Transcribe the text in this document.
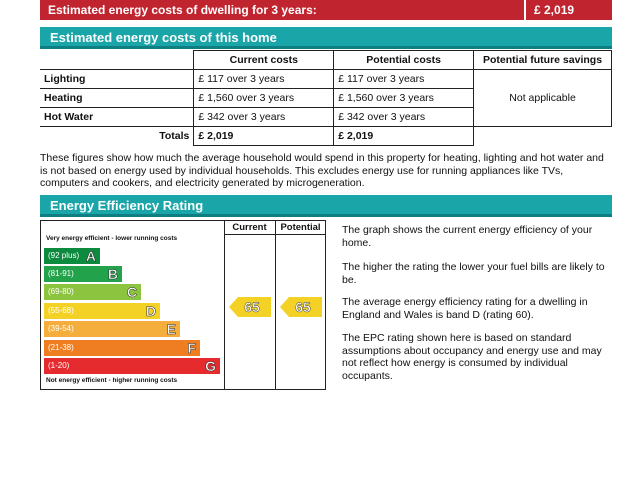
Estimated energy costs of dwelling for 3 years:	£ 2,019
Estimated energy costs of this home
	Current costs	Potential costs	Potential future savings
Lighting	£ 117 over 3 years	£ 117 over 3 years	Not applicable
Heating	£ 1,560 over 3 years	£ 1,560 over 3 years	
Hot Water	£ 342 over 3 years	£ 342 over 3 years	
Totals	£ 2,019	£ 2,019	

These figures show how much the average household would spend in this property for heating, lighting and hot water and is not based on energy used by individual households. This excludes energy use for running appliances like TVs, computers and cookers, and electricity generated by microgeneration.

Energy Efficiency Rating
Current	Potential
Very energy efficient - lower running costs
(92 plus) A
(81-91) B
(69-80)	C
(55-68)	D
(39-54)	E
(21-38)	F
(1-20)	G
Not energy efficient - higher running costs
65	65

The graph shows the current energy efficiency of your home.

The higher the rating the lower your fuel bills are likely to be.

The average energy efficiency rating for a dwelling in England and Wales is band D (rating 60).

The EPC rating shown here is based on standard assumptions about occupancy and energy use and may not reflect how energy is consumed by individual occupants.
